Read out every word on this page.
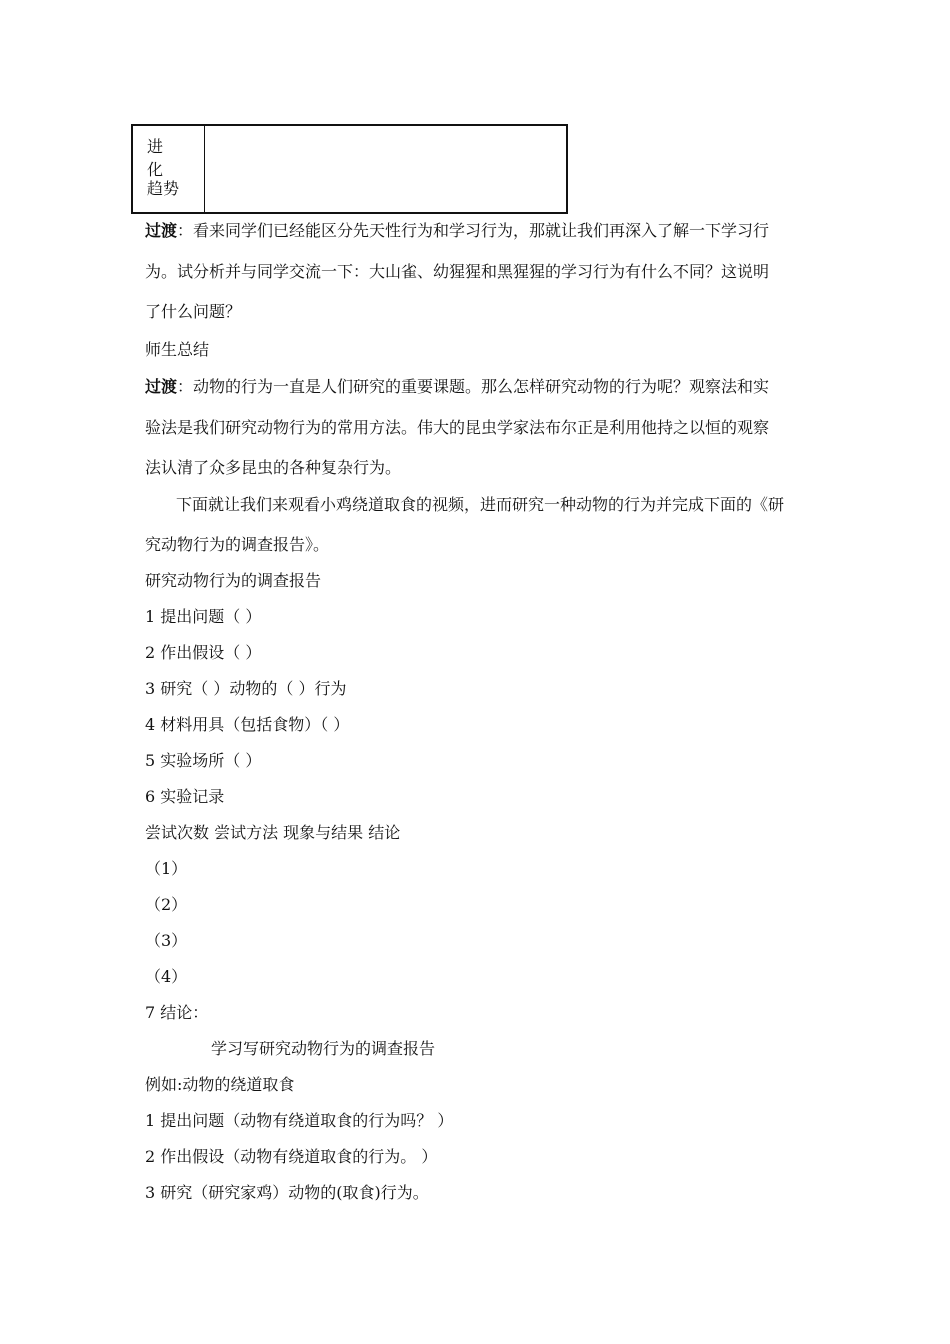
进化
趋势
过渡：看来同学们已经能区分先天性行为和学习行为，那就让我们再深入了解一下学习行
为。试分析并与同学交流一下：大山雀、幼猩猩和黑猩猩的学习行为有什么不同？这说明
了什么问题？
师生总结
过渡：动物的行为一直是人们研究的重要课题。那么怎样研究动物的行为呢？观察法和实
验法是我们研究动物行为的常用方法。伟大的昆虫学家法布尔正是利用他持之以恒的观察
法认清了众多昆虫的各种复杂行为。
下面就让我们来观看小鸡绕道取食的视频，进而研究一种动物的行为并完成下面的《研
究动物行为的调查报告》。
研究动物行为的调查报告
1 提出问题（ ）
2 作出假设（ ）
3 研究（ ）动物的（ ）行为
4 材料用具（包括食物）（ ）
5 实验场所（ ）
6 实验记录
尝试次数 尝试方法 现象与结果 结论
（1）
（2）
（3）
（4）
7 结论：
学习写研究动物行为的调查报告
例如:动物的绕道取食
1 提出问题（动物有绕道取食的行为吗？ ）
2 作出假设（动物有绕道取食的行为。 ）
3 研究（研究家鸡）动物的(取食)行为。
